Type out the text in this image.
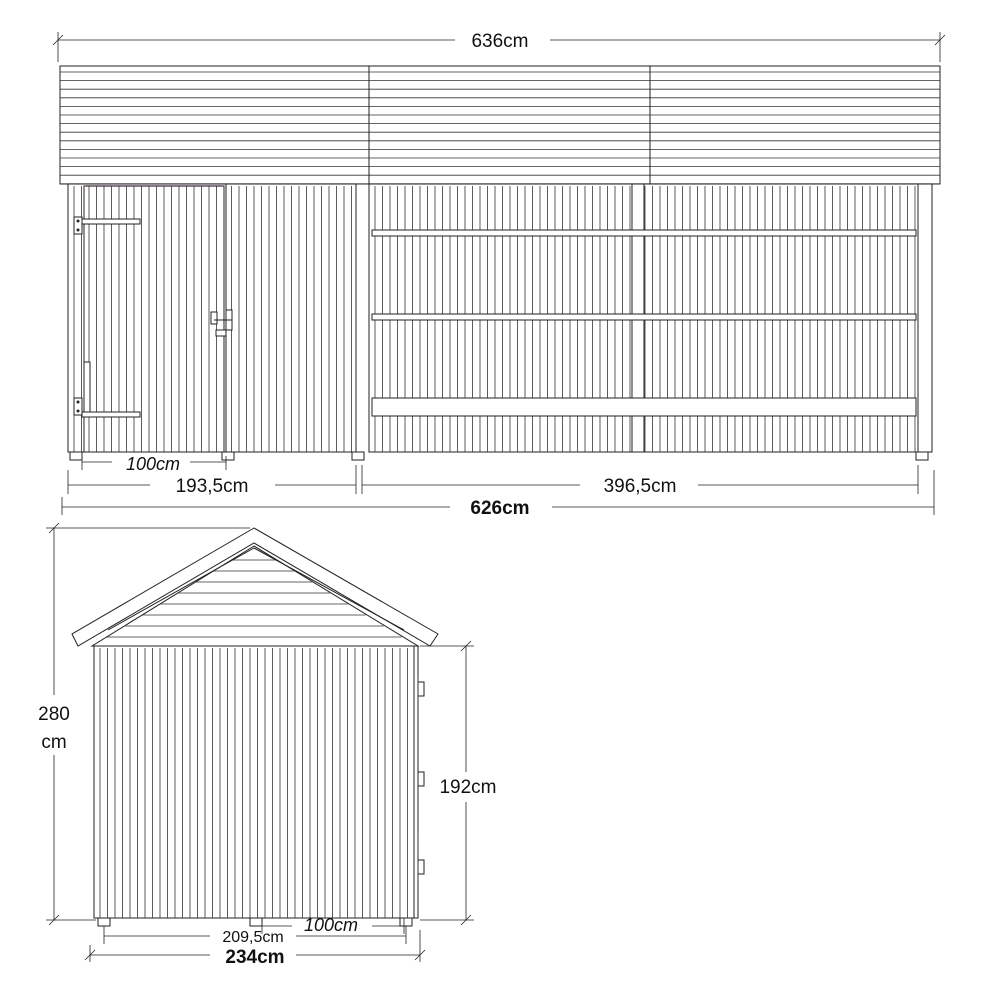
636cm
100cm
193,5cm	396,5cm
626cm
280
cm
192cm
100cm
209,5cm
234cm
